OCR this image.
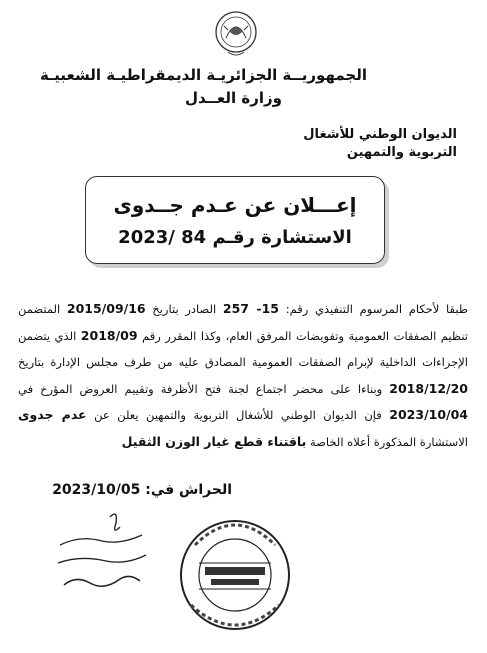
الجمهوريــة الجزائريـة الديمقراطيـة الشعبيـة
وزارة العــدل
الديوان الوطني للأشغال
التربوية والتمهين
إعـــلان عن عـدم جــدوى
الاستشارة رقـم 84 /2023
طبقا لأحكام المرسوم التنفيذي رقم: 15- 257 الصادر بتاريخ 2015/09/16 المتضمن تنظيم الصفقات العمومية وتفويضات المرفق العام، وكذا المقرر رقم 2018/09 الذي يتضمن الإجراءات الداخلية لإبرام الصفقات العمومية المصادق عليه من طرف مجلس الإدارة بتاريخ 2018/12/20 وبناءا على محضر اجتماع لجنة فتح الأظرفة وتقييم العروض المؤرخ في 2023/10/04 فإن الديوان الوطني للأشغال التربوية والتمهين يعلن عن عدم جدوى الاستشارة المذكورة أعلاه الخاصة باقتناء قطع غيار الوزن الثقيل
الحراش في: 2023/10/05
